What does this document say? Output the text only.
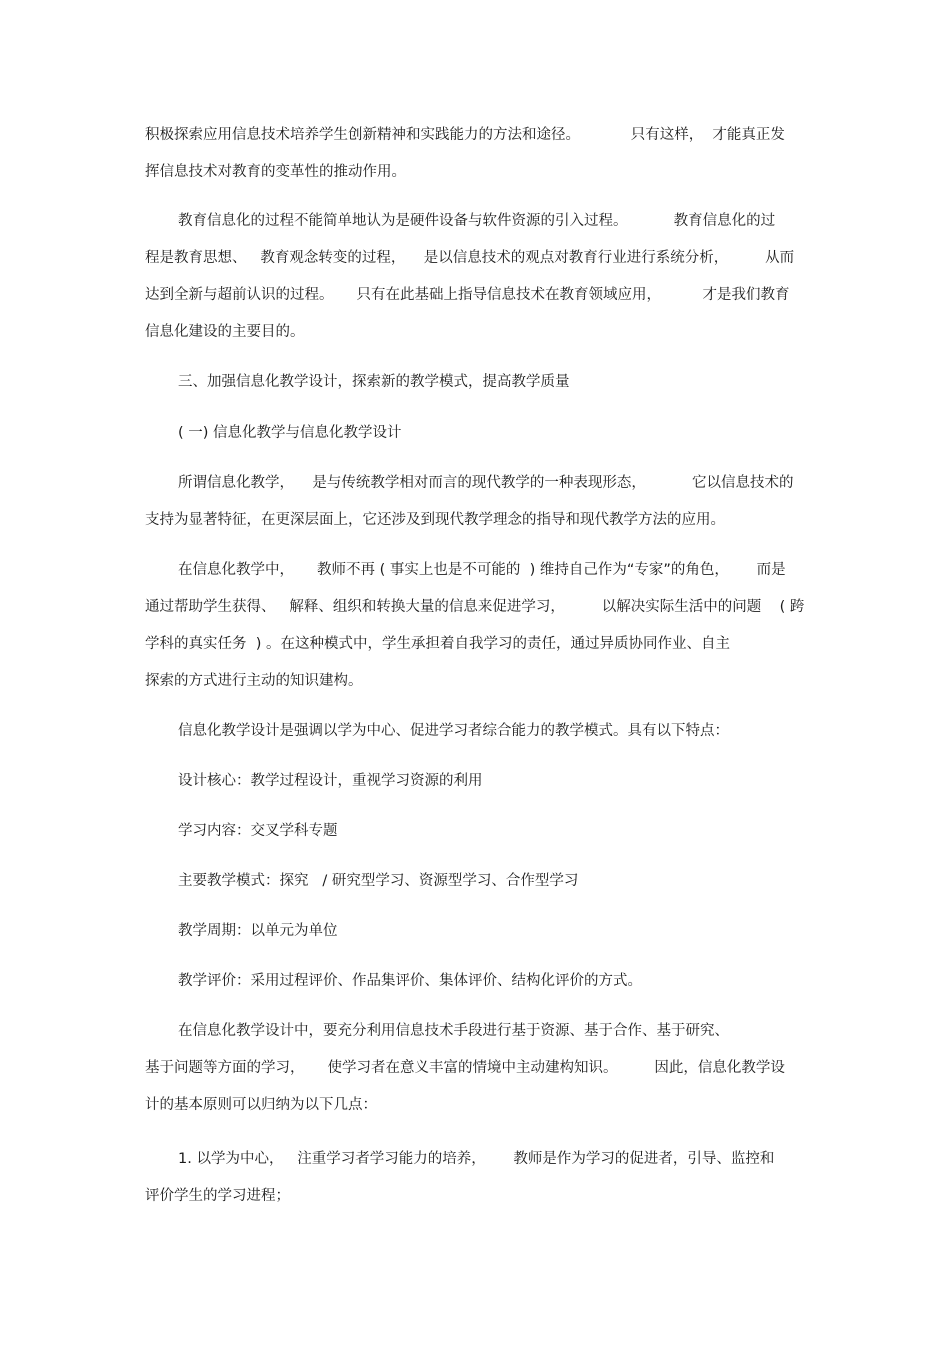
积极探索应用信息技术培养学生创新精神和实践能力的方法和途径。           只有这样，  才能真正发
挥信息技术对教育的变革性的推动作用。
教育信息化的过程不能简单地认为是硬件设备与软件资源的引入过程。          教育信息化的过
程是教育思想、   教育观念转变的过程，    是以信息技术的观点对教育行业进行系统分析，        从而
达到全新与超前认识的过程。     只有在此基础上指导信息技术在教育领域应用，         才是我们教育
信息化建设的主要目的。
三、加强信息化教学设计，探索新的教学模式，提高教学质量
( 一) 信息化教学与信息化教学设计
所谓信息化教学，    是与传统教学相对而言的现代教学的一种表现形态，          它以信息技术的
支持为显著特征，在更深层面上，它还涉及到现代教学理念的指导和现代教学方法的应用。
在信息化教学中，     教师不再 ( 事实上也是不可能的  ) 维持自己作为“专家”的角色，      而是
通过帮助学生获得、   解释、组织和转换大量的信息来促进学习，        以解决实际生活中的问题    ( 跨
学科的真实任务  ) 。在这种模式中，学生承担着自我学习的责任，通过异质协同作业、自主
探索的方式进行主动的知识建构。
信息化教学设计是强调以学为中心、促进学习者综合能力的教学模式。具有以下特点：
设计核心：教学过程设计，重视学习资源的利用
学习内容：交叉学科专题
主要教学模式：探究   / 研究型学习、资源型学习、合作型学习
教学周期：以单元为单位
教学评价：采用过程评价、作品集评价、集体评价、结构化评价的方式。
在信息化教学设计中，要充分利用信息技术手段进行基于资源、基于合作、基于研究、
基于问题等方面的学习，     使学习者在意义丰富的情境中主动建构知识。        因此，信息化教学设
计的基本原则可以归纳为以下几点：
1. 以学为中心，   注重学习者学习能力的培养，      教师是作为学习的促进者，引导、监控和
评价学生的学习进程；
